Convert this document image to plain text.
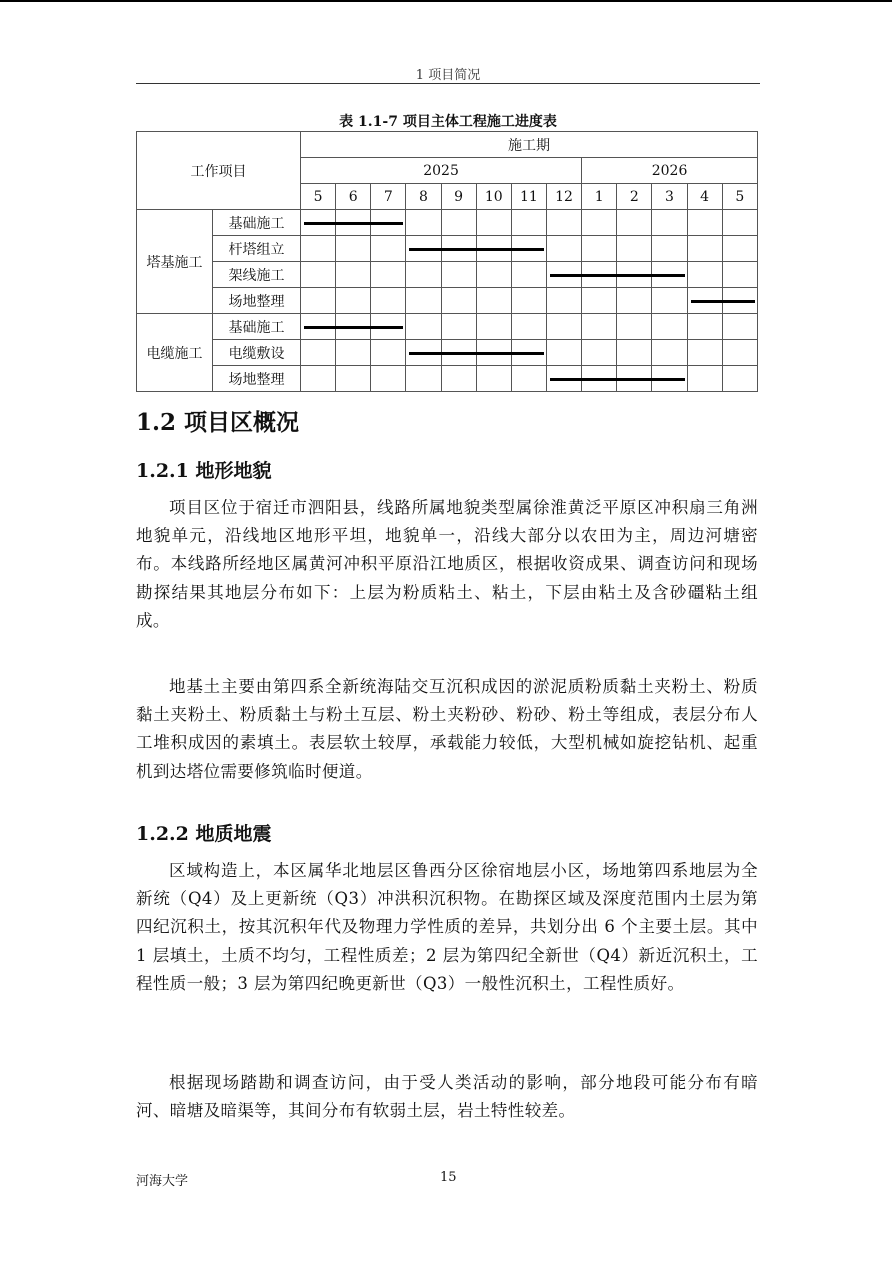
1 项目简况
表 1.1-7 项目主体工程施工进度表
工作项目		施工期												
		2025								2026				
		5	6	7	8	9	10	11	12	1	2	3	4	5
塔基施工	基础施工	

	杆塔组立				

	架线施工								

	场地整理												

电缆施工	基础施工	

	电缆敷设				

	场地整理								

1.2 项目区概况
1.2.1 地形地貌

项目区位于宿迁市泗阳县，线路所属地貌类型属徐淮黄泛平原区冲积扇三角洲地貌单元，沿线地区地形平坦，地貌单一，沿线大部分以农田为主，周边河塘密布。本线路所经地区属黄河冲积平原沿江地质区，根据收资成果、调查访问和现场勘探结果其地层分布如下：上层为粉质粘土、粘土，下层由粘土及含砂礓粘土组成。

地基土主要由第四系全新统海陆交互沉积成因的淤泥质粉质黏土夹粉土、粉质黏土夹粉土、粉质黏土与粉土互层、粉土夹粉砂、粉砂、粉土等组成，表层分布人工堆积成因的素填土。表层软土较厚，承载能力较低，大型机械如旋挖钻机、起重机到达塔位需要修筑临时便道。

1.2.2 地质地震

区域构造上，本区属华北地层区鲁西分区徐宿地层小区，场地第四系地层为全新统（Q4）及上更新统（Q3）冲洪积沉积物。在勘探区域及深度范围内土层为第四纪沉积土，按其沉积年代及物理力学性质的差异，共划分出 6 个主要土层。其中 1 层填土，土质不均匀，工程性质差；2 层为第四纪全新世（Q4）新近沉积土，工程性质一般；3 层为第四纪晚更新世（Q3）一般性沉积土，工程性质好。

根据现场踏勘和调查访问，由于受人类活动的影响，部分地段可能分布有暗河、暗塘及暗渠等，其间分布有软弱土层，岩土特性较差。

河海大学	15
